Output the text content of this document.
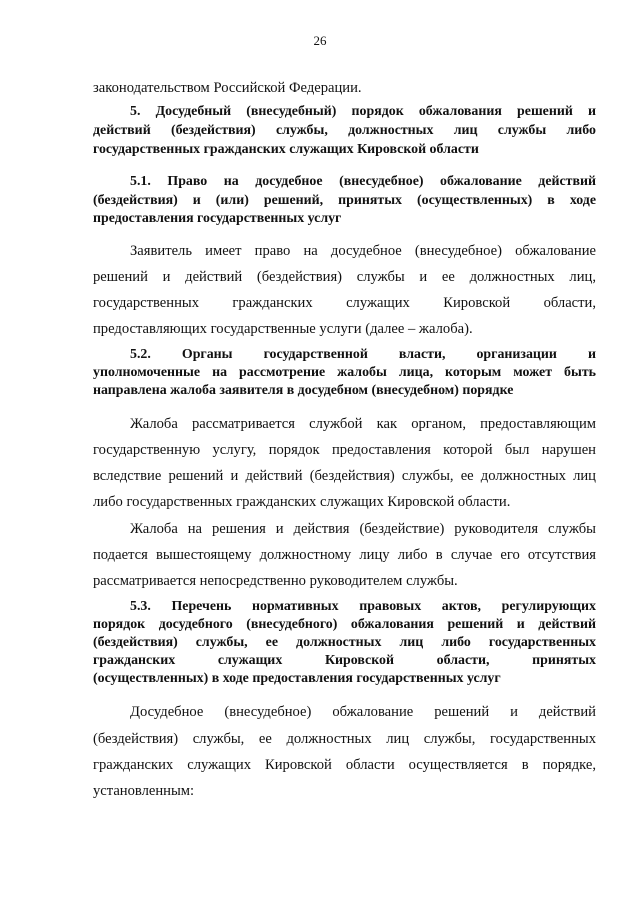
26
законодательством Российской Федерации.
5. Досудебный (внесудебный) порядок обжалования решений и
действий (бездействия) службы, должностных лиц службы либо
государственных гражданских служащих Кировской области
5.1. Право на досудебное (внесудебное) обжалование действий
(бездействия) и (или) решений, принятых (осуществленных) в ходе
предоставления государственных услуг
Заявитель имеет право на досудебное (внесудебное) обжалование
решений и действий (бездействия) службы и ее должностных лиц,
государственных гражданских служащих Кировской области,
предоставляющих государственные услуги (далее – жалоба).
5.2. Органы государственной власти, организации и
уполномоченные на рассмотрение жалобы лица, которым может быть
направлена жалоба заявителя в досудебном (внесудебном) порядке
Жалоба рассматривается службой как органом, предоставляющим
государственную услугу, порядок предоставления которой был нарушен
вследствие решений и действий (бездействия) службы, ее должностных лиц
либо государственных гражданских служащих Кировской области.
Жалоба на решения и действия (бездействие) руководителя службы
подается вышестоящему должностному лицу либо в случае его отсутствия
рассматривается непосредственно руководителем службы.
5.3. Перечень нормативных правовых актов, регулирующих
порядок досудебного (внесудебного) обжалования решений и действий
(бездействия) службы, ее должностных лиц либо государственных
гражданских служащих Кировской области, принятых
(осуществленных) в ходе предоставления государственных услуг
Досудебное (внесудебное) обжалование решений и действий
(бездействия) службы, ее должностных лиц службы, государственных
гражданских служащих Кировской области осуществляется в порядке,
установленным:
